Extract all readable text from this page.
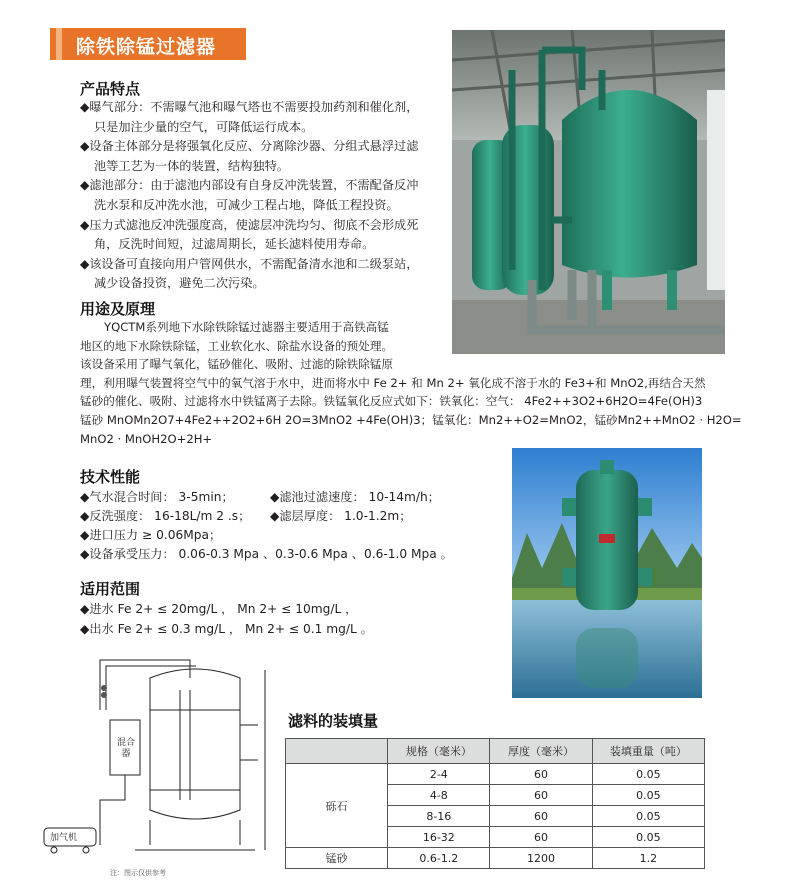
除铁除锰过滤器
产品特点
◆曝气部分：不需曝气池和曝气塔也不需要投加药剂和催化剂，
只是加注少量的空气，可降低运行成本。
◆设备主体部分是将强氧化反应、分离除沙器、分组式悬浮过滤
池等工艺为一体的装置，结构独特。
◆滤池部分：由于滤池内部设有自身反冲洗装置，不需配备反冲
洗水泵和反冲洗水池，可减少工程占地，降低工程投资。
◆压力式滤池反冲洗强度高，使滤层冲洗均匀、彻底不会形成死
角，反洗时间短，过滤周期长，延长滤料使用寿命。
◆该设备可直接向用户管网供水，不需配备清水池和二级泵站，
减少设备投资，避免二次污染。
用途及原理
YQCTM系列地下水除铁除锰过滤器主要适用于高铁高锰
地区的地下水除铁除锰，工业软化水、除盐水设备的预处理。
该设备采用了曝气氧化，锰砂催化、吸附、过滤的除铁除锰原
理，利用曝气装置将空气中的氧气溶于水中，进而将水中 Fe 2+ 和 Mn 2+ 氧化成不溶于水的 Fe3+和 MnO2,再结合天然
锰砂的催化、吸附、过滤将水中铁锰离子去除。铁锰氧化反应式如下：铁氧化：空气： 4Fe2++3O2+6H2O=4Fe(OH)3
锰砂 MnOMn2O7+4Fe2++2O2+6H 2O=3MnO2 +4Fe(OH)3；锰氧化：Mn2++O2=MnO2，锰砂Mn2++MnO2 · H2O=
MnO2 · MnOH2O+2H+
技术性能
◆气水混合时间： 3-5min；	◆滤池过滤速度： 10-14m/h；
◆反洗强度： 16-18L/m 2 .s； ◆滤层厚度： 1.0-1.2m；
◆进口压力 ≥ 0.06Mpa；
◆设备承受压力： 0.06-0.3 Mpa 、0.3-0.6 Mpa 、0.6-1.0 Mpa 。
适用范围
◆进水 Fe 2+ ≤ 20mg/L ， Mn 2+ ≤ 10mg/L ，
◆出水 Fe 2+ ≤ 0.3 mg/L ， Mn 2+ ≤ 0.1 mg/L 。
混合器
加气机
注：图示仅供参考
滤料的装填量
	规格（毫米）	厚度（毫米）	装填重量（吨）
砾石	2-4	60	0.05
	4-8	60	0.05
	8-16	60	0.05
	16-32	60	0.05
锰砂	0.6-1.2	1200	1.2
